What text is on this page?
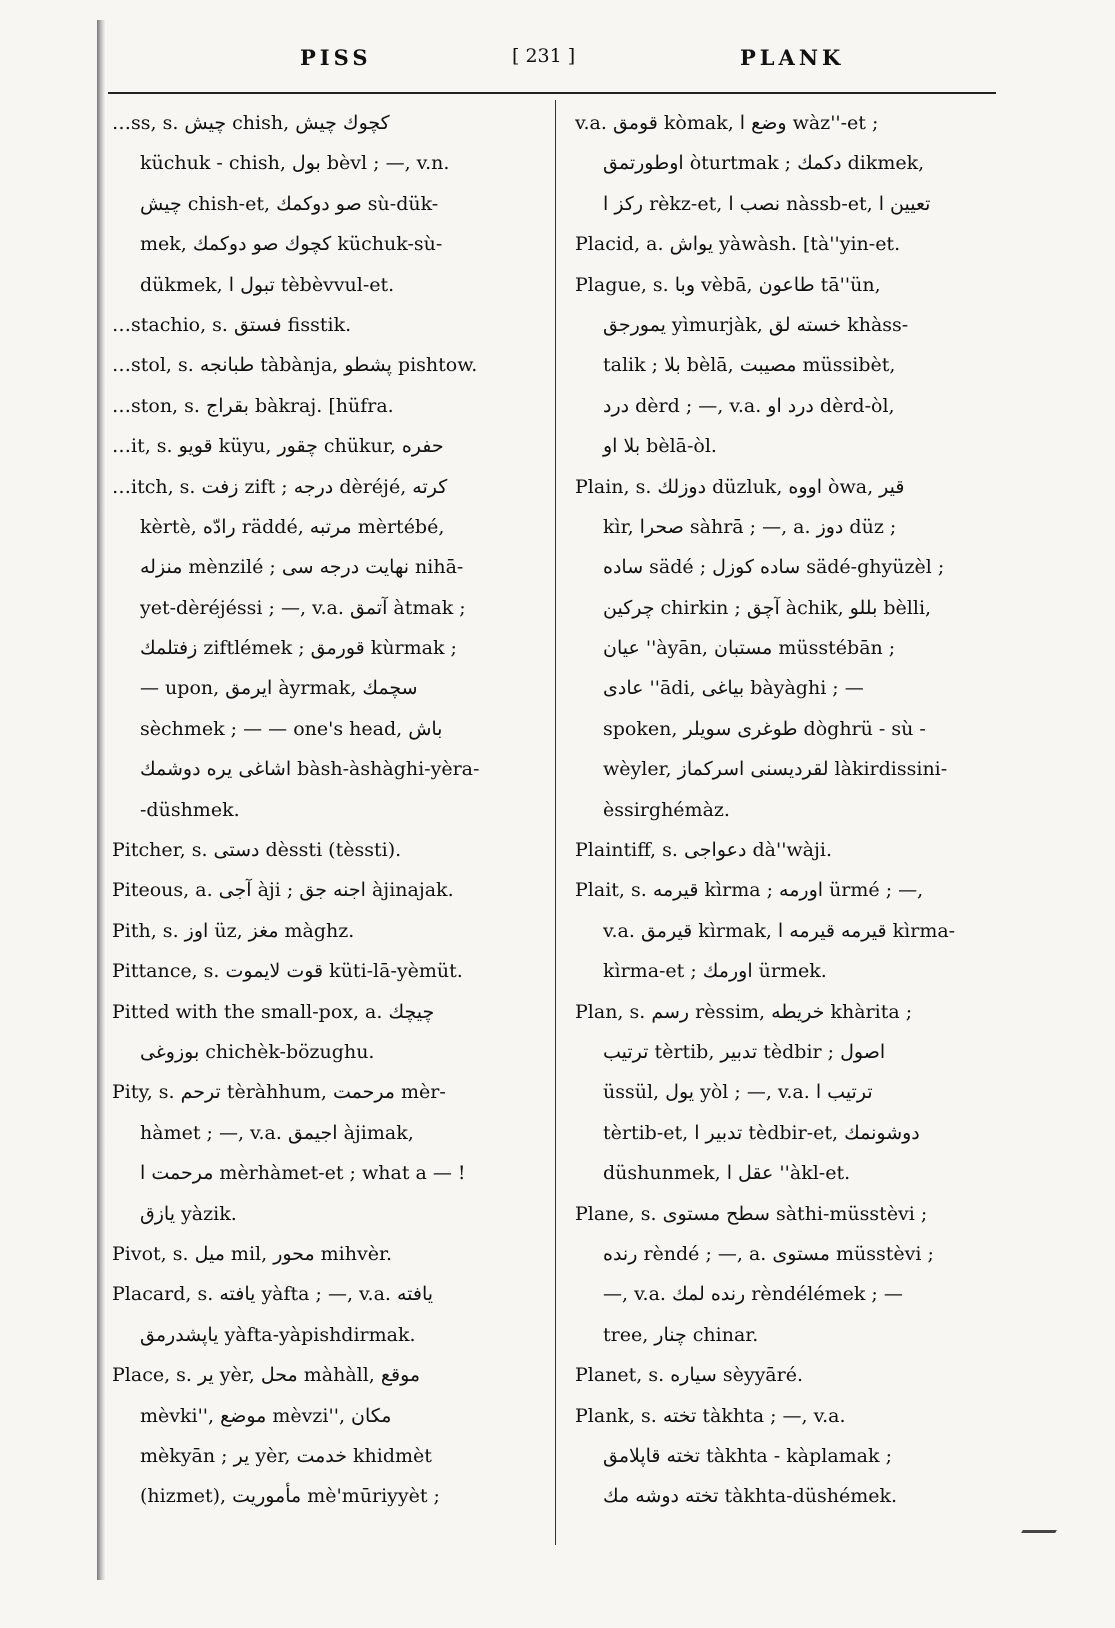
PISS	[ 231 ]	PLANK
…ss, s. چیش chish, کچوك چیش
küchuk - chish, بول bèvl ; —, v.n.
چیش chish-et, صو دوکمك sù-dük-
mek, کچوك صو دوکمك küchuk-sù-
dükmek, تبول ا tèbèvvul-et.
…stachio, s. فستق fisstik.
…stol, s. طبانجه tàbànja, پشطو pishtow.
…ston, s. بقراج bàkraj. [hüfra.
…it, s. قویو küyu, چقور chükur, حفره
…itch, s. زفت zift ; درجه dèréjé, کرته
kèrtè, رادّه räddé, مرتبه mèrtébé,
منزله mènzilé ; نهایت درجه سی nihā-
yet-dèréjéssi ; —, v.a. آتمق àtmak ;
زفتلمك ziftlémek ; قورمق kùrmak ;
— upon, ایرمق àyrmak, سچمك
sèchmek ; — — one's head, باش
اشاغی یره دوشمك bàsh-àshàghi-yèra-
-düshmek.
Pitcher, s. دستی dèssti (tèssti).
Piteous, a. آجی àji ; اجنه جق àjinajak.
Pith, s. اوز üz, مغز màghz.
Pittance, s. قوت لایموت küti-lā-yèmüt.
Pitted with the small-pox, a. چیچك
بوزوغی chichèk-bözughu.
Pity, s. ترحم tèràhhum, مرحمت mèr-
hàmet ; —, v.a. اجیمق àjimak,
مرحمت ا mèrhàmet-et ; what a — !
یازق yàzik.
Pivot, s. میل mil, محور mihvèr.
Placard, s. یافته yàfta ; —, v.a. یافته
یاپشدرمق yàfta-yàpishdirmak.
Place, s. یر yèr, محل màhàll, موقع
mèvki'', موضع mèvzi'', مکان
mèkyān ; یر yèr, خدمت khidmèt
(hizmet), مأموریت mè'mūriyyèt ;
v.a. قومق kòmak, وضع ا wàz''-et ;
اوطورتمق òturtmak ; دکمك dikmek,
رکز ا rèkz-et, نصب ا nàssb-et, تعیین ا
Placid, a. یواش yàwàsh. [tà''yin-et.
Plague, s. وبا vèbā, طاعون tā''ün,
یمورجق yìmurjàk, خسته لق khàss-
talik ; بلا bèlā, مصیبت müssibèt,
درد dèrd ; —, v.a. درد او dèrd-òl,
بلا او bèlā-òl.
Plain, s. دوزلك düzluk, اووه òwa, قیر
kìr, صحرا sàhrā ; —, a. دوز düz ;
ساده sädé ; ساده کوزل sädé-ghyüzèl ;
چرکین chirkin ; آچق àchik, بللو bèlli,
عیان ''àyān, مستبان müsstébān ;
عادی ''ādi, بیاغی bàyàghi ; —
spoken, طوغری سویلر dòghrü - sù -
wèyler, لقردیسنی اسرکماز làkirdissini-
èssirghémàz.
Plaintiff, s. دعواجی dà''wàji.
Plait, s. قیرمه kìrma ; اورمه ürmé ; —,
v.a. قیرمق kìrmak, قیرمه قیرمه ا kìrma-
kìrma-et ; اورمك ürmek.
Plan, s. رسم rèssim, خریطه khàrita ;
ترتیب tèrtib, تدبیر tèdbir ; اصول
üssül, یول yòl ; —, v.a. ترتیب ا
tèrtib-et, تدبیر ا tèdbir-et, دوشونمك
düshunmek, عقل ا ''àkl-et.
Plane, s. سطح مستوی sàthi-müsstèvi ;
رنده rèndé ; —, a. مستوی müsstèvi ;
—, v.a. رنده لمك rèndélémek ; —
tree, چنار chinar.
Planet, s. سیاره sèyyāré.
Plank, s. تخته tàkhta ; —, v.a.
تخته قاپلامق tàkhta - kàplamak ;
تخته دوشه مك tàkhta-düshémek.
